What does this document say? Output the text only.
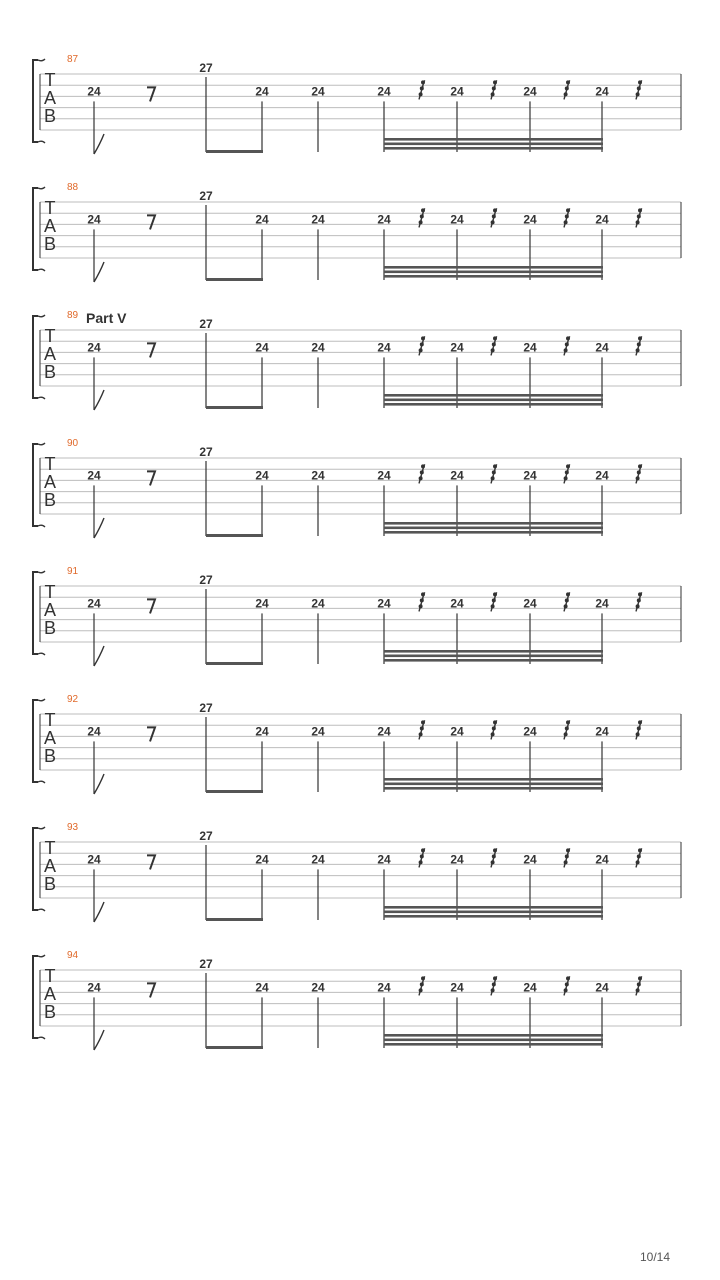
T
A
B
87
24
27
24	24	24	24	24	24
T
A
B
88
24
27
24	24	24	24	24	24
T
A
B
89
24
27
24	24	24	24	24	24
T
A
B
90
24
27
24	24	24	24	24	24
T
A
B
91
24
27
24	24	24	24	24	24
T
A
B
92
24
27
24	24	24	24	24	24
T
A
B
93
24
27
24	24	24	24	24	24
T
A
B
94
24
27
24	24	24	24	24	24
Part V
10/14
